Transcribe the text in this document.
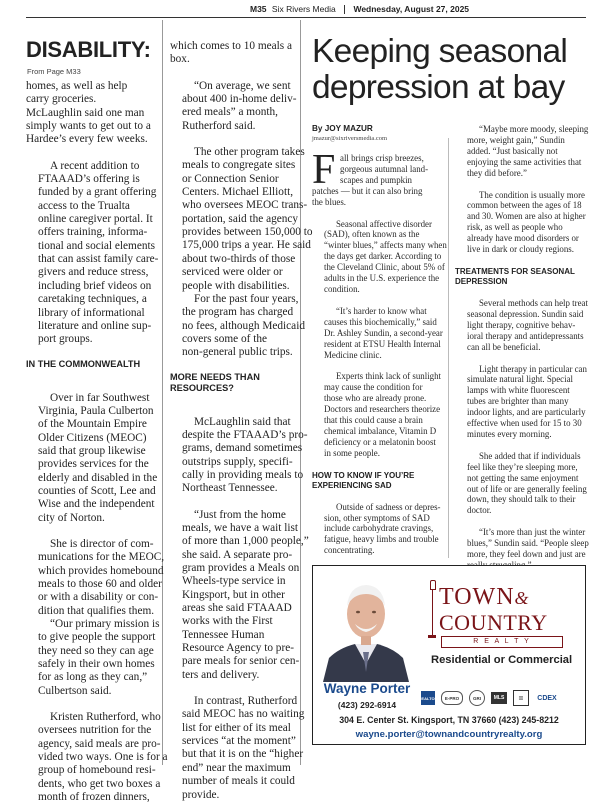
M35 Six Rivers Media Wednesday, August 27, 2025
DISABILITY:
From Page M33

homes, as well as help
carry groceries.
McLaughlin said one man
simply wants to get out to a
Hardee’s every few weeks.

A recent addition to
FTAAAD’s offering is
funded by a grant offering
access to the Trualta
online caregiver portal. It
offers training, informa-
tional and social elements
that can assist family care-
givers and reduce stress,
including brief videos on
caretaking techniques, a
library of informational
literature and online sup-
port groups.

IN THE COMMONWEALTH

Over in far Southwest
Virginia, Paula Culberton
of the Mountain Empire
Older Citizens (MEOC)
said that group likewise
provides services for the
elderly and disabled in the
counties of Scott, Lee and
Wise and the independent
city of Norton.

She is director of com-
munications for the MEOC,
which provides homebound
meals to those 60 and older
or with a disability or con-
dition that qualifies them.

“Our primary mission is
to give people the support
they need so they can age
safely in their own homes
for as long as they can,”
Culbertson said.

Kristen Rutherford, who
oversees nutrition for the
agency, said meals are pro-
vided two ways. One is for a
group of homebound resi-
dents, who get two boxes a
month of frozen dinners,

which comes to 10 meals a
box.

“On average, we sent
about 400 in-home deliv-
ered meals” a month,
Rutherford said.

The other program takes
meals to congregate sites
or Connection Senior
Centers. Michael Elliott,
who oversees MEOC trans-
portation, said the agency
provides between 150,000 to
175,000 trips a year. He said
about two-thirds of those
serviced were older or
people with disabilities.

For the past four years,
the program has charged
no fees, although Medicaid
covers some of the
non-general public trips.

MORE NEEDS THAN
RESOURCES?

McLaughlin said that
despite the FTAAAD’s pro-
grams, demand sometimes
outstrips supply, specifi-
cally in providing meals to
Northeast Tennessee.

“Just from the home
meals, we have a wait list
of more than 1,000 people,”
she said. A separate pro-
gram provides a Meals on
Wheels-type service in
Kingsport, but in other
areas she said FTAAAD
works with the First
Tennessee Human
Resource Agency to pre-
pare meals for senior cen-
ters and delivery.

In contrast, Rutherford
said MEOC has no waiting
list for either of its meal
services “at the moment”
but that it is on the “higher
end” near the maximum
number of meals it could
provide.

Keeping seasonal
depression at bay
By JOY MAZUR
jmazur@sixriversmedia.com
F all brings crisp breezes,
gorgeous autumnal land-
scapes and pumpkin
patches — but it can also bring
the blues.

Seasonal affective disorder
(SAD), often known as the
“winter blues,” affects many when
the days get darker. According to
the Cleveland Clinic, about 5% of
adults in the U.S. experience the
condition.

“It’s harder to know what
causes this biochemically,” said
Dr. Ashley Sundin, a second-year
resident at ETSU Health Internal
Medicine clinic.

Experts think lack of sunlight
may cause the condition for
those who are already prone.
Doctors and researchers theorize
that this could cause a brain
chemical imbalance, Vitamin D
deficiency or a melatonin boost
in some people.

HOW TO KNOW IF YOU’RE
EXPERIENCING SAD

Outside of sadness or depres-
sion, other symptoms of SAD
include carbohydrate cravings,
fatigue, heavy limbs and trouble
concentrating.

“Maybe more moody, sleeping
more, weight gain,” Sundin
added. “Just basically not
enjoying the same activities that
they did before.”

The condition is usually more
common between the ages of 18
and 30. Women are also at higher
risk, as well as people who
already have mood disorders or
live in dark or cloudy regions.

TREATMENTS FOR SEASONAL
DEPRESSION

Several methods can help treat
seasonal depression. Sundin said
light therapy, cognitive behav-
ioral therapy and antidepressants
can all be beneficial.

Light therapy in particular can
simulate natural light. Special
lamps with white fluorescent
tubes are brighter than many
indoor lights, and are particularly
effective when used for 15 to 30
minutes every morning.

She added that if individuals
feel like they’re sleeping more,
not getting the same enjoyment
out of life or are generally feeling
down, they should talk to their
doctor.

“It’s more than just the winter
blues,” Sundin said. “People sleep
more, they feel down and just are

TOWN&
COUNTRY
R E A L T Y
Residential or Commercial
Wayne Porter
(423) 292-6914
REALTOR E-PRO	GRI	MLS = CDEX
304 E. Center St. Kingsport, TN 37660 (423) 245-8212
wayne.porter@townandcountryrealty.org
